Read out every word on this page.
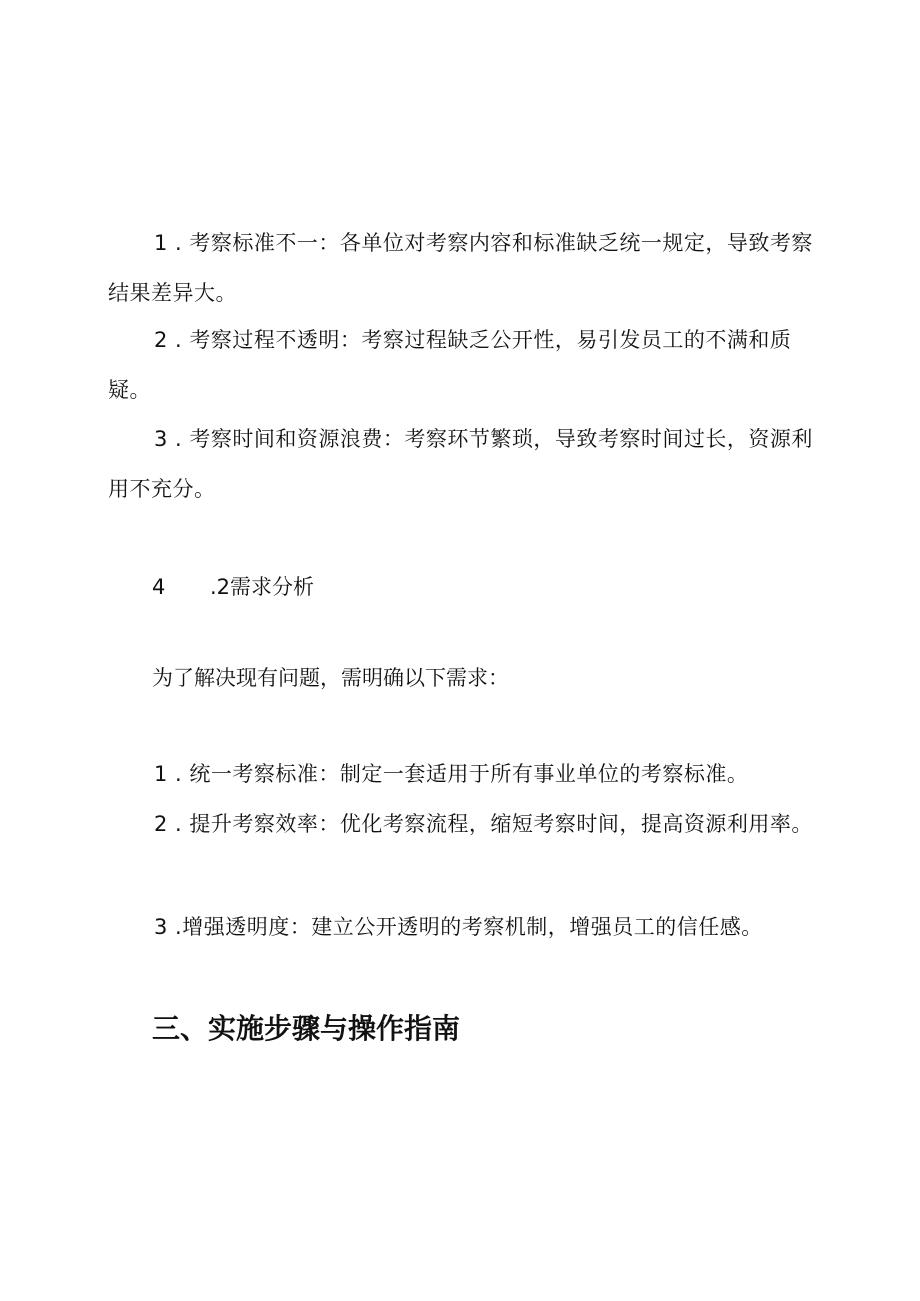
1 . 考察标准不一：各单位对考察内容和标准缺乏统一规定，导致考察结果差异大。

2 . 考察过程不透明：考察过程缺乏公开性，易引发员工的不满和质疑。

3 . 考察时间和资源浪费：考察环节繁琐，导致考察时间过长，资源利用不充分。

4 .2需求分析

为了解决现有问题，需明确以下需求：

1 . 统一考察标准：制定一套适用于所有事业单位的考察标准。

2 . 提升考察效率：优化考察流程，缩短考察时间，提高资源利用率。

3 .增强透明度：建立公开透明的考察机制，增强员工的信任感。

三、实施步骤与操作指南
